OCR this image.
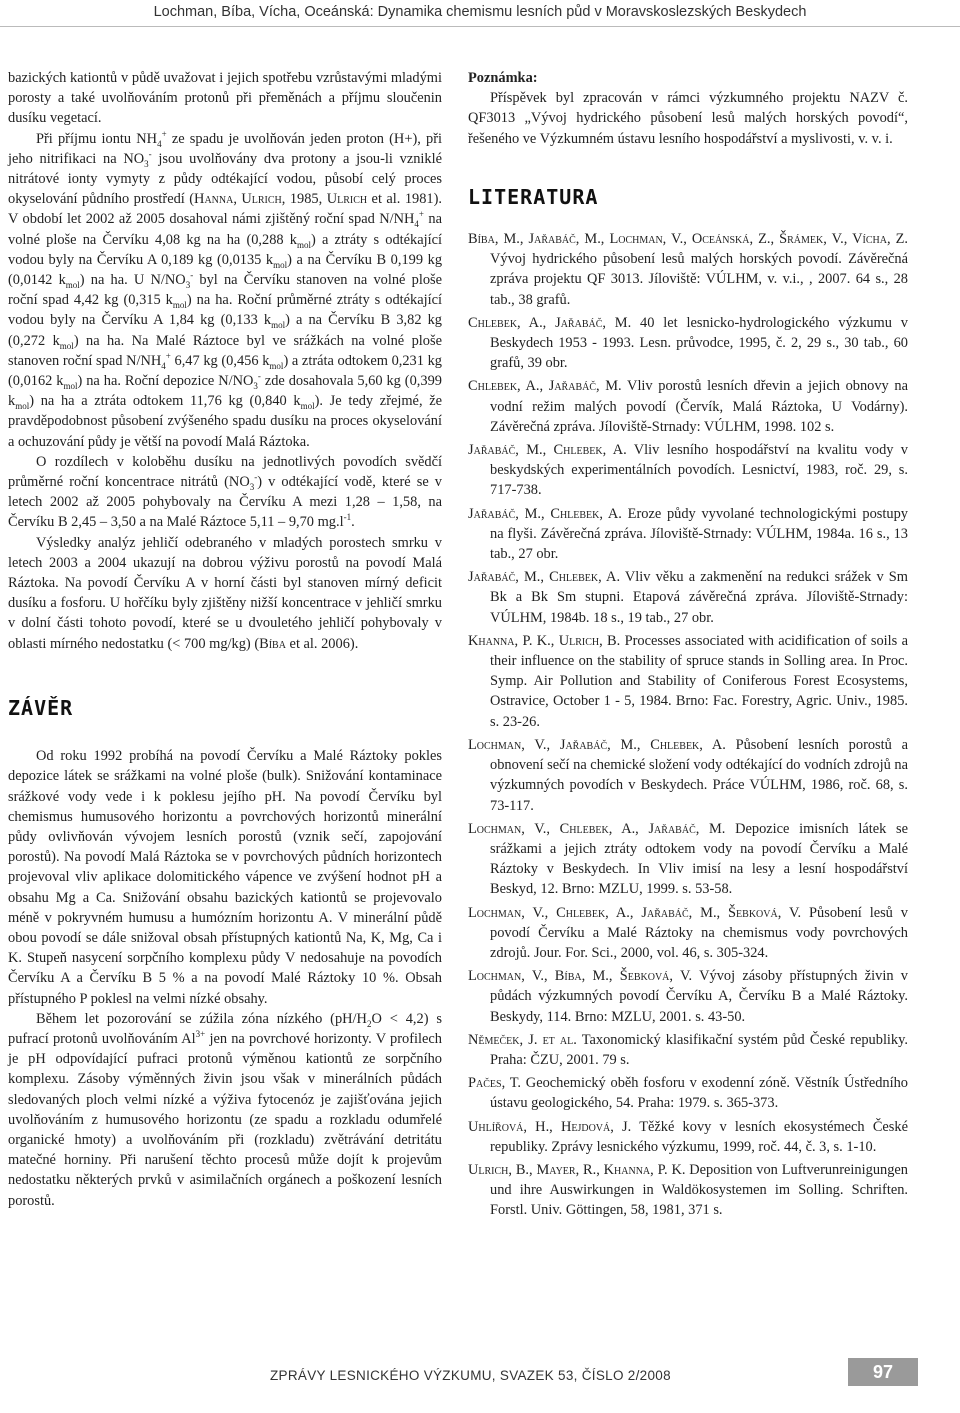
Lochman, Bíba, Vícha, Oceánská: Dynamika chemismu lesních půd v Moravskoslezských Beskydech

bazických kationtů v půdě uvažovat i jejich spotřebu vzrůstavými mladými porosty a také uvolňováním protonů při přeměnách a příjmu sloučenin dusíku vegetací.

Při příjmu iontu $NH_4^+$ ze spadu je uvolňován jeden proton (H+), při jeho nitrifikaci na $NO_3^-$ jsou uvolňovány dva protony a jsou-li vzniklé nitrátové ionty vymyty z půdy odtékající vodou, působí celý proces okyselování půdního prostředí (Hanna, Ulrich, 1985, Ulrich et al. 1981). V období let 2002 až 2005 dosahoval námi zjištěný roční spad $N/NH_4^+$ na volné ploše na Červíku 4,08 kg na ha (0,288 $k_{mol}$) a ztráty s odtékající vodou byly na Červíku A 0,189 kg (0,0135 $k_{mol}$) a na Červíku B 0,199 kg (0,0142 $k_{mol}$) na ha. U $N/NO_3^-$ byl na Červíku stanoven na volné ploše roční spad 4,42 kg (0,315 $k_{mol}$) na ha. Roční průměrné ztráty s odtékající vodou byly na Červíku A 1,84 kg (0,133 $k_{mol}$) a na Červíku B 3,82 kg (0,272 $k_{mol}$) na ha. Na Malé Ráztoce byl ve srážkách na volné ploše stanoven roční spad $N/NH_4^+$ 6,47 kg (0,456 $k_{mol}$) a ztráta odtokem 0,231 kg (0,0162 $k_{mol}$) na ha. Roční depozice $N/NO_3^-$ zde dosahovala 5,60 kg (0,399 $k_{mol}$) na ha a ztráta odtokem 11,76 kg (0,840 $k_{mol}$). Je tedy zřejmé, že pravděpodobnost působení zvýšeného spadu dusíku na proces okyselování a ochuzování půdy je větší na povodí Malá Ráztoka.

O rozdílech v koloběhu dusíku na jednotlivých povodích svědčí průměrné roční koncentrace nitrátů $(NO_3^-)$ v odtékající vodě, které se v letech 2002 až 2005 pohybovaly na Červíku A mezi 1,28 – 1,58, na Červíku B 2,45 – 3,50 a na Malé Ráztoce 5,11 – 9,70 $mg.l^{-1}$.

Výsledky analýz jehličí odebraného v mladých porostech smrku v letech 2003 a 2004 ukazují na dobrou výživu porostů na povodí Malá Ráztoka. Na povodí Červíku A v horní části byl stanoven mírný deficit dusíku a fosforu. U hořčíku byly zjištěny nižší koncentrace v jehličí smrku v dolní části tohoto povodí, které se u dvouletého jehličí pohybovaly v oblasti mírného nedostatku (< 700 mg/kg) (Bíba et al. 2006).

ZÁVĚR

Od roku 1992 probíhá na povodí Červíku a Malé Ráztoky pokles depozice látek se srážkami na volné ploše (bulk). Snižování kontaminace srážkové vody vede i k poklesu jejího pH. Na povodí Červíku byl chemismus humusového horizontu a povrchových horizontů minerální půdy ovlivňován vývojem lesních porostů (vznik sečí, zapojování porostů). Na povodí Malá Ráztoka se v povrchových půdních horizontech projevoval vliv aplikace dolomitického vápence ve zvýšení hodnot pH a obsahu Mg a Ca. Snižování obsahu bazických kationtů se projevovalo méně v pokryvném humusu a humózním horizontu A. V minerální půdě obou povodí se dále snižoval obsah přístupných kationtů Na, K, Mg, Ca i K. Stupeň nasycení sorpčního komplexu půdy V nedosahuje na povodích Červíku A a Červíku B 5 % a na povodí Malé Ráztoky 10 %. Obsah přístupného P poklesl na velmi nízké obsahy.

Během let pozorování se zúžila zóna nízkého $(pH/H_2O < 4,2)$ s pufrací protonů uvolňováním $Al^{3+}$ jen na povrchové horizonty. V profilech je pH odpovídající pufraci protonů výměnou kationtů ze sorpčního komplexu. Zásoby výměnných živin jsou však v minerálních půdách sledovaných ploch velmi nízké a výživa fytocenóz je zajišťována jejich uvolňováním z humusového horizontu (ze spadu a rozkladu odumřelé organické hmoty) a uvolňováním při (rozkladu) zvětrávání detritátu matečné horniny. Při narušení těchto procesů může dojít k projevům nedostatku některých prvků v asimilačních orgánech a poškození lesních porostů.

Poznámka:

Příspěvek byl zpracován v rámci výzkumného projektu NAZV č. QF3013 „Vývoj hydrického působení lesů malých horských povodí“, řešeného ve Výzkumném ústavu lesního hospodářství a myslivosti, v. v. i.

LITERATURA

Bíba, M., Jařabáč, M., Lochman, V., Oceánská, Z., Šrámek, V., Vícha, Z. Vývoj hydrického působení lesů malých horských povodí. Závěrečná zpráva projektu QF 3013. Jíloviště: VÚLHM, v. v.i., , 2007. 64 s., 28 tab., 38 grafů.

Chlebek, A., Jařabáč, M. 40 let lesnicko-hydrologického výzkumu v Beskydech 1953 - 1993. Lesn. průvodce, 1995, č. 2, 29 s., 30 tab., 60 grafů, 39 obr.

Chlebek, A., Jařabáč, M. Vliv porostů lesních dřevin a jejich obnovy na vodní režim malých povodí (Červík, Malá Ráztoka, U Vodárny). Závěrečná zpráva. Jíloviště-Strnady: VÚLHM, 1998. 102 s.

Jařabáč, M., Chlebek, A. Vliv lesního hospodářství na kvalitu vody v beskydských experimentálních povodích. Lesnictví, 1983, roč. 29, s. 717-738.

Jařabáč, M., Chlebek, A. Eroze půdy vyvolané technologickými postupy na flyši. Závěrečná zpráva. Jíloviště-Strnady: VÚLHM, 1984a. 16 s., 13 tab., 27 obr.

Jařabáč, M., Chlebek, A. Vliv věku a zakmenění na redukci srážek v Sm Bk a Bk Sm stupni. Etapová závěrečná zpráva. Jíloviště-Strnady: VÚLHM, 1984b. 18 s., 19 tab., 27 obr.

Khanna, P. K., Ulrich, B. Processes associated with acidification of soils a their influence on the stability of spruce stands in Solling area. In Proc. Symp. Air Pollution and Stability of Coniferous Forest Ecosystems, Ostravice, October 1 - 5, 1984. Brno: Fac. Forestry, Agric. Univ., 1985. s. 23-26.

Lochman, V., Jařabáč, M., Chlebek, A. Působení lesních porostů a obnovení sečí na chemické složení vody odtékající do vodních zdrojů na výzkumných povodích v Beskydech. Práce VÚLHM, 1986, roč. 68, s. 73-117.

Lochman, V., Chlebek, A., Jařabáč, M. Depozice imisních látek se srážkami a jejich ztráty odtokem vody na povodí Červíku a Malé Ráztoky v Beskydech. In Vliv imisí na lesy a lesní hospodářství Beskyd, 12. Brno: MZLU, 1999. s. 53-58.

Lochman, V., Chlebek, A., Jařabáč, M., Šebková, V. Působení lesů v povodí Červíku a Malé Ráztoky na chemismus vody povrchových zdrojů. Jour. For. Sci., 2000, vol. 46, s. 305-324.

Lochman, V., Bíba, M., Šebková, V. Vývoj zásoby přístupných živin v půdách výzkumných povodí Červíku A, Červíku B a Malé Ráztoky. Beskydy, 114. Brno: MZLU, 2001. s. 43-50.

Němeček, J. et al. Taxonomický klasifikační systém půd České republiky. Praha: ČZU, 2001. 79 s.

Pačes, T. Geochemický oběh fosforu v exodenní zóně. Věstník Ústředního ústavu geologického, 54. Praha: 1979. s. 365-373.

Uhlířová, H., Hejdová, J. Těžké kovy v lesních ekosystémech České republiky. Zprávy lesnického výzkumu, 1999, roč. 44, č. 3, s. 1-10.

Ulrich, B., Mayer, R., Khanna, P. K. Deposition von Luftverunreinigungen und ihre Auswirkungen in Waldökosystemen im Solling. Schriften. Forstl. Univ. Göttingen, 58, 1981, 371 s.

ZPRÁVY LESNICKÉHO VÝZKUMU, SVAZEK 53, ČÍSLO 2/2008	97
